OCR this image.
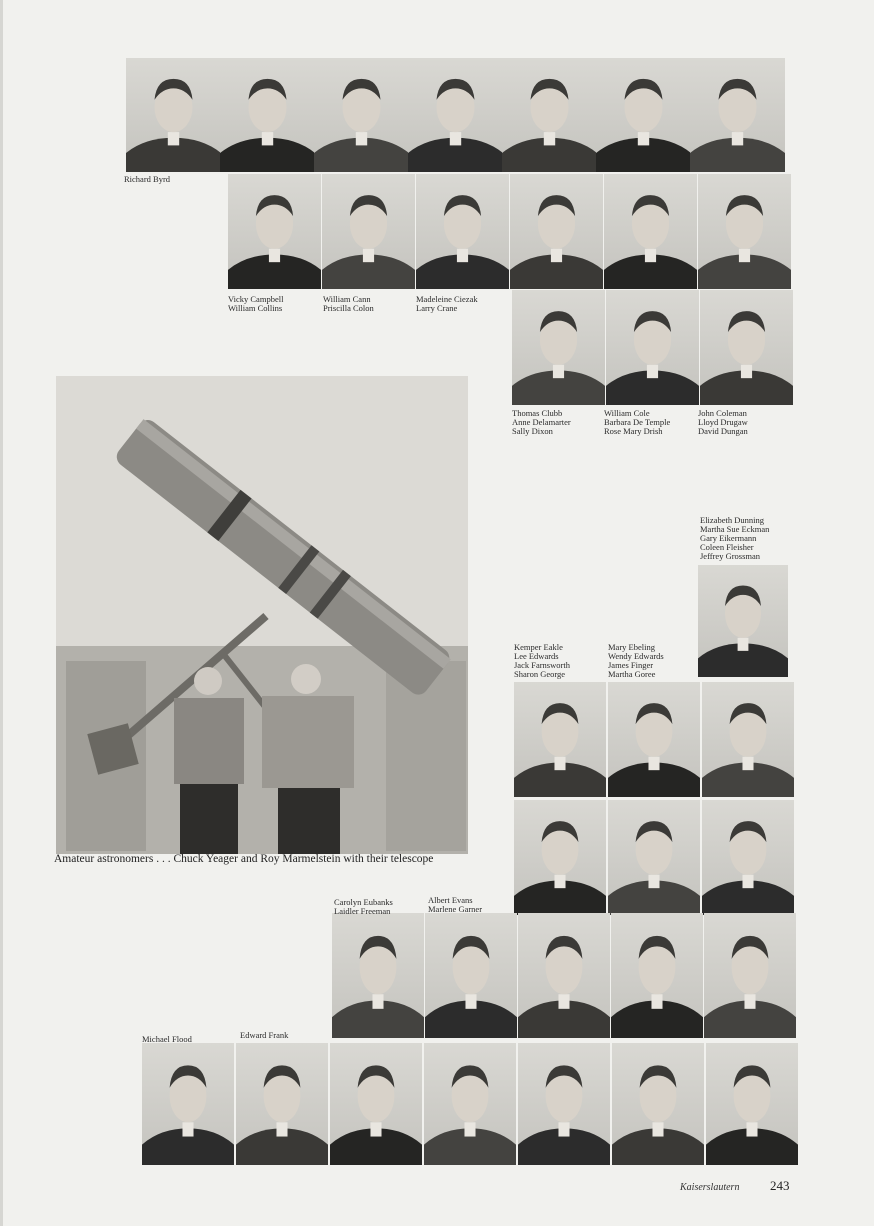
Amateur astronomers . . . Chuck Yeager and Roy Marmelstein with their telescope
Richard Byrd
Vicky Campbell
William Collins
William Cann
Priscilla Colon
Madeleine Ciezak
Larry Crane
Thomas Clubb
Anne Delamarter
Sally Dixon
William Cole
Barbara De Temple
Rose Mary Drish
John Coleman
Lloyd Drugaw
David Dungan
Elizabeth Dunning
Martha Sue Eckman
Gary Eikermann
Coleen Fleisher
Jeffrey Grossman
Kemper Eakle
Lee Edwards
Jack Farnsworth
Sharon George
Mary Ebeling
Wendy Edwards
James Finger
Martha Goree
Carolyn Eubanks
Laidler Freeman
Albert Evans
Marlene Garner
Michael Flood	Edward Frank
Kaiserslautern 243
